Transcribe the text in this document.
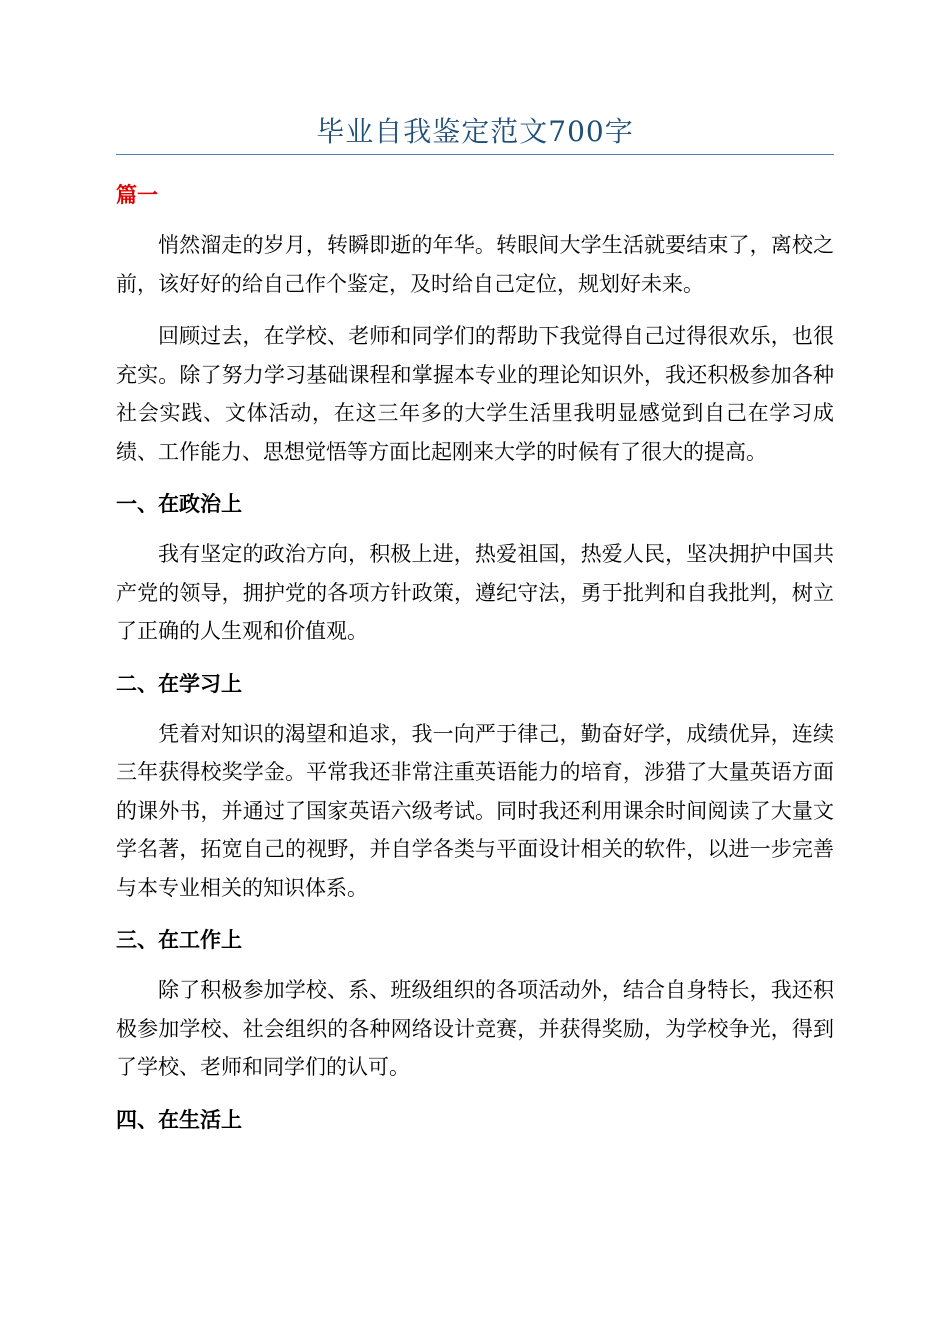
毕业自我鉴定范文700字
篇一

悄然溜走的岁月，转瞬即逝的年华。转眼间大学生活就要结束了，离校之前，该好好的给自己作个鉴定，及时给自己定位，规划好未来。

回顾过去，在学校、老师和同学们的帮助下我觉得自己过得很欢乐，也很充实。除了努力学习基础课程和掌握本专业的理论知识外，我还积极参加各种社会实践、文体活动，在这三年多的大学生活里我明显感觉到自己在学习成绩、工作能力、思想觉悟等方面比起刚来大学的时候有了很大的提高。

一、在政治上

我有坚定的政治方向，积极上进，热爱祖国，热爱人民，坚决拥护中国共产党的领导，拥护党的各项方针政策，遵纪守法，勇于批判和自我批判，树立了正确的人生观和价值观。

二、在学习上

凭着对知识的渴望和追求，我一向严于律己，勤奋好学，成绩优异，连续三年获得校奖学金。平常我还非常注重英语能力的培育，涉猎了大量英语方面的课外书，并通过了国家英语六级考试。同时我还利用课余时间阅读了大量文学名著，拓宽自己的视野，并自学各类与平面设计相关的软件，以进一步完善与本专业相关的知识体系。

三、在工作上

除了积极参加学校、系、班级组织的各项活动外，结合自身特长，我还积极参加学校、社会组织的各种网络设计竞赛，并获得奖励，为学校争光，得到了学校、老师和同学们的认可。

四、在生活上
